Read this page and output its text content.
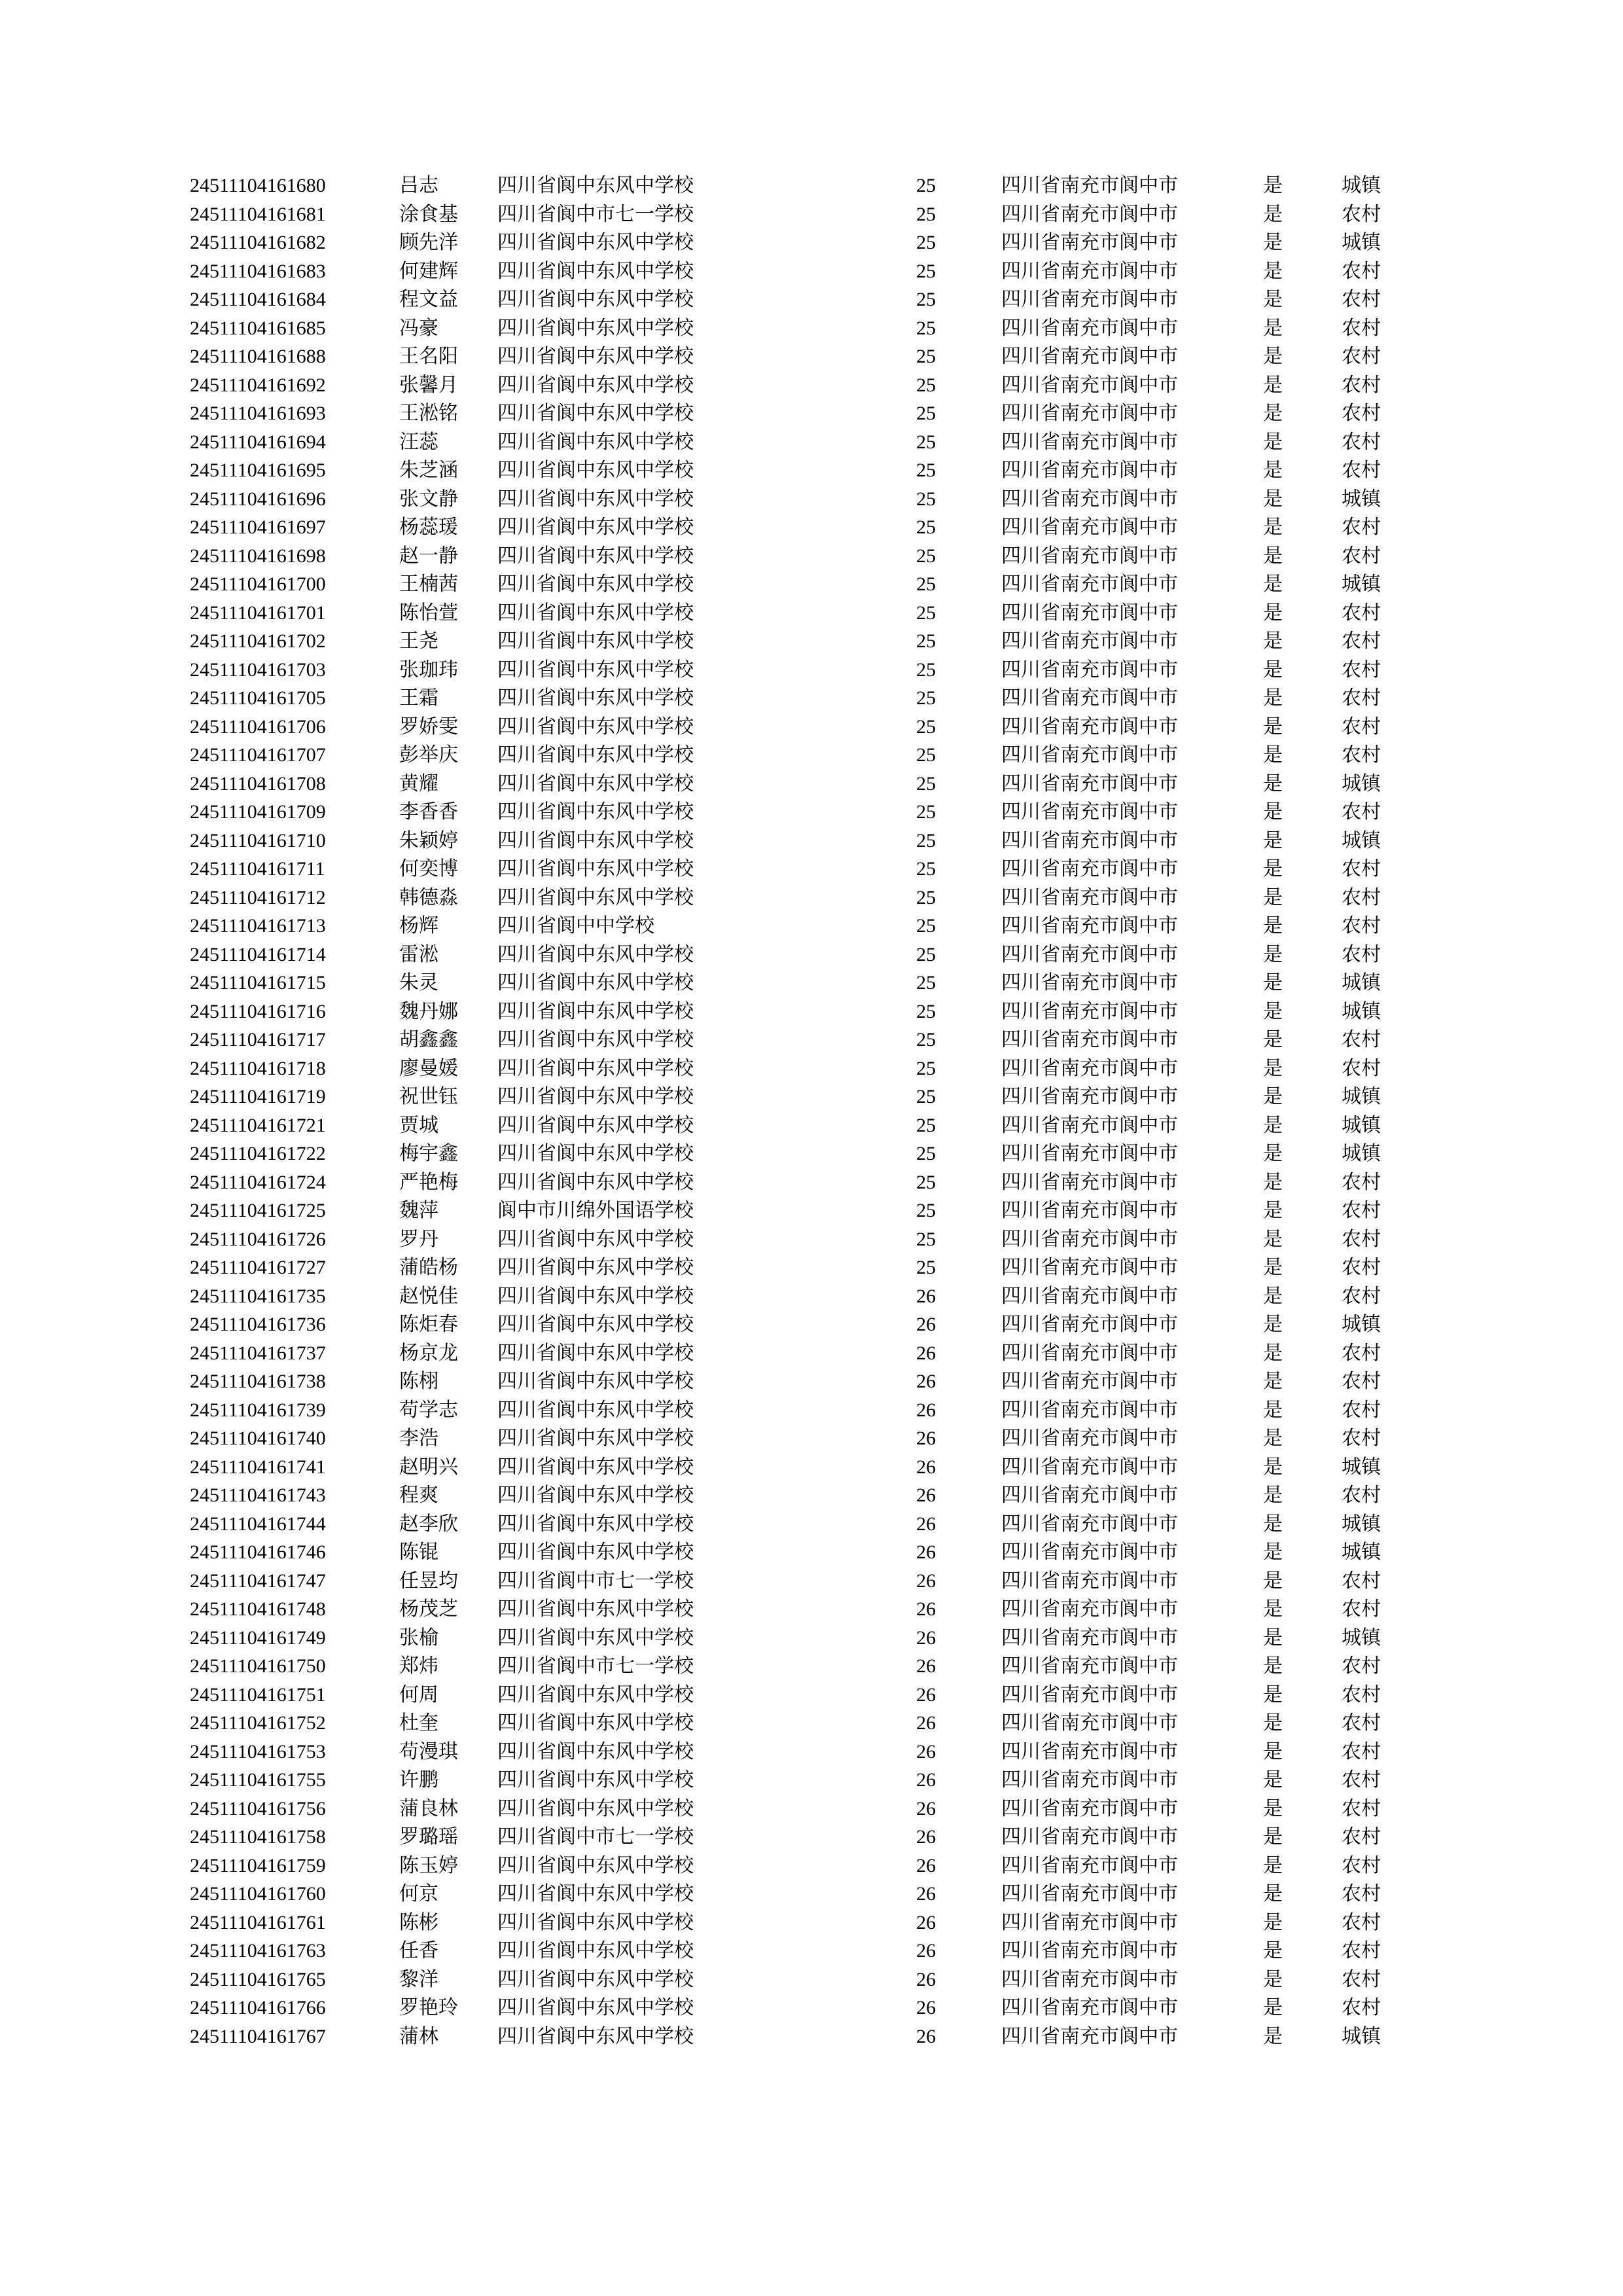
24511104161680	吕志	四川省阆中东风中学校	25	四川省南充市阆中市	是	城镇
24511104161681	涂食基	四川省阆中市七一学校	25	四川省南充市阆中市	是	农村
24511104161682	顾先洋	四川省阆中东风中学校	25	四川省南充市阆中市	是	城镇
24511104161683	何建辉	四川省阆中东风中学校	25	四川省南充市阆中市	是	农村
24511104161684	程文益	四川省阆中东风中学校	25	四川省南充市阆中市	是	农村
24511104161685	冯豪	四川省阆中东风中学校	25	四川省南充市阆中市	是	农村
24511104161688	王名阳	四川省阆中东风中学校	25	四川省南充市阆中市	是	农村
24511104161692	张馨月	四川省阆中东风中学校	25	四川省南充市阆中市	是	农村
24511104161693	王淞铭	四川省阆中东风中学校	25	四川省南充市阆中市	是	农村
24511104161694	汪蕊	四川省阆中东风中学校	25	四川省南充市阆中市	是	农村
24511104161695	朱芝涵	四川省阆中东风中学校	25	四川省南充市阆中市	是	农村
24511104161696	张文静	四川省阆中东风中学校	25	四川省南充市阆中市	是	城镇
24511104161697	杨蕊瑗	四川省阆中东风中学校	25	四川省南充市阆中市	是	农村
24511104161698	赵一静	四川省阆中东风中学校	25	四川省南充市阆中市	是	农村
24511104161700	王楠茜	四川省阆中东风中学校	25	四川省南充市阆中市	是	城镇
24511104161701	陈怡萱	四川省阆中东风中学校	25	四川省南充市阆中市	是	农村
24511104161702	王尧	四川省阆中东风中学校	25	四川省南充市阆中市	是	农村
24511104161703	张珈玮	四川省阆中东风中学校	25	四川省南充市阆中市	是	农村
24511104161705	王霜	四川省阆中东风中学校	25	四川省南充市阆中市	是	农村
24511104161706	罗娇雯	四川省阆中东风中学校	25	四川省南充市阆中市	是	农村
24511104161707	彭举庆	四川省阆中东风中学校	25	四川省南充市阆中市	是	农村
24511104161708	黄耀	四川省阆中东风中学校	25	四川省南充市阆中市	是	城镇
24511104161709	李香香	四川省阆中东风中学校	25	四川省南充市阆中市	是	农村
24511104161710	朱颖婷	四川省阆中东风中学校	25	四川省南充市阆中市	是	城镇
24511104161711	何奕博	四川省阆中东风中学校	25	四川省南充市阆中市	是	农村
24511104161712	韩德淼	四川省阆中东风中学校	25	四川省南充市阆中市	是	农村
24511104161713	杨辉	四川省阆中中学校	25	四川省南充市阆中市	是	农村
24511104161714	雷淞	四川省阆中东风中学校	25	四川省南充市阆中市	是	农村
24511104161715	朱灵	四川省阆中东风中学校	25	四川省南充市阆中市	是	城镇
24511104161716	魏丹娜	四川省阆中东风中学校	25	四川省南充市阆中市	是	城镇
24511104161717	胡鑫鑫	四川省阆中东风中学校	25	四川省南充市阆中市	是	农村
24511104161718	廖曼媛	四川省阆中东风中学校	25	四川省南充市阆中市	是	农村
24511104161719	祝世钰	四川省阆中东风中学校	25	四川省南充市阆中市	是	城镇
24511104161721	贾城	四川省阆中东风中学校	25	四川省南充市阆中市	是	城镇
24511104161722	梅宇鑫	四川省阆中东风中学校	25	四川省南充市阆中市	是	城镇
24511104161724	严艳梅	四川省阆中东风中学校	25	四川省南充市阆中市	是	农村
24511104161725	魏萍	阆中市川绵外国语学校	25	四川省南充市阆中市	是	农村
24511104161726	罗丹	四川省阆中东风中学校	25	四川省南充市阆中市	是	农村
24511104161727	蒲皓杨	四川省阆中东风中学校	25	四川省南充市阆中市	是	农村
24511104161735	赵悦佳	四川省阆中东风中学校	26	四川省南充市阆中市	是	农村
24511104161736	陈炬春	四川省阆中东风中学校	26	四川省南充市阆中市	是	城镇
24511104161737	杨京龙	四川省阆中东风中学校	26	四川省南充市阆中市	是	农村
24511104161738	陈栩	四川省阆中东风中学校	26	四川省南充市阆中市	是	农村
24511104161739	苟学志	四川省阆中东风中学校	26	四川省南充市阆中市	是	农村
24511104161740	李浩	四川省阆中东风中学校	26	四川省南充市阆中市	是	农村
24511104161741	赵明兴	四川省阆中东风中学校	26	四川省南充市阆中市	是	城镇
24511104161743	程爽	四川省阆中东风中学校	26	四川省南充市阆中市	是	农村
24511104161744	赵李欣	四川省阆中东风中学校	26	四川省南充市阆中市	是	城镇
24511104161746	陈锟	四川省阆中东风中学校	26	四川省南充市阆中市	是	城镇
24511104161747	任昱均	四川省阆中市七一学校	26	四川省南充市阆中市	是	农村
24511104161748	杨茂芝	四川省阆中东风中学校	26	四川省南充市阆中市	是	农村
24511104161749	张榆	四川省阆中东风中学校	26	四川省南充市阆中市	是	城镇
24511104161750	郑炜	四川省阆中市七一学校	26	四川省南充市阆中市	是	农村
24511104161751	何周	四川省阆中东风中学校	26	四川省南充市阆中市	是	农村
24511104161752	杜奎	四川省阆中东风中学校	26	四川省南充市阆中市	是	农村
24511104161753	苟漫琪	四川省阆中东风中学校	26	四川省南充市阆中市	是	农村
24511104161755	许鹏	四川省阆中东风中学校	26	四川省南充市阆中市	是	农村
24511104161756	蒲良林	四川省阆中东风中学校	26	四川省南充市阆中市	是	农村
24511104161758	罗璐瑶	四川省阆中市七一学校	26	四川省南充市阆中市	是	农村
24511104161759	陈玉婷	四川省阆中东风中学校	26	四川省南充市阆中市	是	农村
24511104161760	何京	四川省阆中东风中学校	26	四川省南充市阆中市	是	农村
24511104161761	陈彬	四川省阆中东风中学校	26	四川省南充市阆中市	是	农村
24511104161763	任香	四川省阆中东风中学校	26	四川省南充市阆中市	是	农村
24511104161765	黎洋	四川省阆中东风中学校	26	四川省南充市阆中市	是	农村
24511104161766	罗艳玲	四川省阆中东风中学校	26	四川省南充市阆中市	是	农村
24511104161767	蒲林	四川省阆中东风中学校	26	四川省南充市阆中市	是	城镇
